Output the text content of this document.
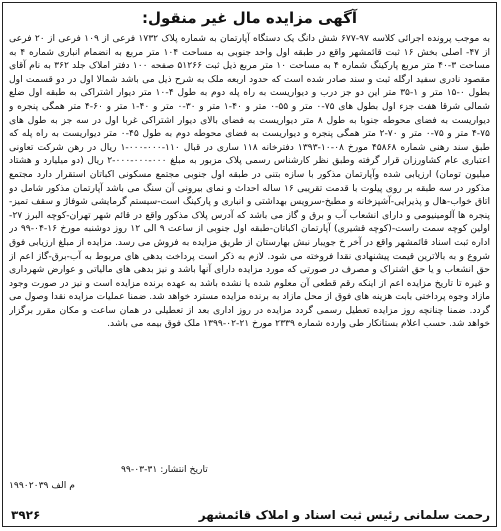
آگهی مزایده مال غیر منقول:
به موجب پرونده اجرائی کلاسه ۹۷-۶۷۷ شش دانگ یک دستگاه آپارتمان به شماره پلاک ۱۷۳۲ فرعی از ۱۰۹ فرعی از ۲۰ فرعی از ۴۷- اصلی بخش ۱۶ ثبت قائمشهر واقع در طبقه اول واحد جنوبی به مساحت ۱۰۴ متر مربع به انضمام انباری شماره ۴ به مساحت ۳-۴۰ متر مربع پارکینگ شماره ۴ به مساحت ۱۰ متر مربع ذیل ثبت ۵۱۲۶۶ صفحه ۱۰۰ دفتر املاک جلد ۳۶۲ به نام آقای مقصود نادری سفید ارگله ثبت و سند صادر شده است که حدود اربعه ملک به شرح ذیل می باشد شمالا اول در دو قسمت اول بطول ۰-۱۵ متر و ۱-۳۵ متر این دو جز درب و دیواریست به راه پله دوم به طول ۴-۱۰ متر دیوار اشتراکی به طبقه اول ضلع شمالی شرقا هفت جزء اول بطول های ۷۵-۰ متر و ۵۵-۰ متر و ۴۰-۱ متر و ۳۰-۰ متر و ۴۰-۱ متر و ۶۰-۴ متر همگی پنجره و دیواریست به فضای محوطه جنوبا به طول ۸ متر دیواریست به فضای بالای دیوار اشتراکی غربا اول در سه جز به طول های ۷۵-۴ متر و ۷۵-۰ متر و ۷۰-۲ متر همگی پنجره و دیواریست به فضای محوطه دوم به طول ۴۵-۰ متر دیواریست به راه پله که طبق سند رهنی شماره ۴۵۸۶۸ مورخ ۰۸-۱۰-۱۳۹۳ دفترخانه ۱۱۸ ساری در قبال ۱۱۰-۰۰۰-۰۰۰-۱ ریال در رهن شرکت تعاونی اعتباری عام کشاورزان قرار گرفته وطبق نظر کارشناس رسمی پلاک مزبور به مبلغ ۰۰۰-۰۰۰-۰۰۰-۲ ریال (دو میلیارد و هشتاد میلیون تومان) ارزیابی شده وآپارتمان مذکور با سازه بتنی در طبقه اول جنوبی مجتمع مسکونی اکباتان استقرار دارد مجتمع مذکور در سه طبقه بر روی پیلوت با قدمت تقریبی ۱۶ ساله احداث و نمای بیرونی آن سنگ می باشد آپارتمان مذکور شامل دو اتاق خواب-هال و پذیرایی-آشپزخانه و مطبخ-سرویس بهداشتی و انباری و پارکینگ است-سیستم گرمایشی شوفاژ و سقف تمیز-پنجره ها آلومینیومی و دارای انشعاب آب و برق و گاز می باشد که آدرس پلاک مذکور واقع در قائم شهر تهران-کوچه البرز ۲۷-اولین کوچه سمت راست-(کوچه قشیری) آپارتمان اکباتان-طبقه اول جنوبی از ساعت ۹ الی ۱۲ روز دوشنبه مورخ ۱۶-۰۴-۹۹ در اداره ثبت اسناد قائمشهر واقع در آخر خ جویبار نبش بهارستان از طریق مزایده به فروش می رسد. مزایده از مبلغ ارزیابی فوق شروع و به بالاترین قیمت پیشنهادی نقدا فروخته می شود. لازم به ذکر است پرداخت بدهی های مربوط به آب-برق-گاز اعم از حق انشعاب و یا حق اشتراک و مصرف در صورتی که مورد مزایده دارای آنها باشد و نیز بدهی های مالیاتی و عوارض شهرداری و غیره تا تاریخ مزایده اعم از اینکه رقم قطعی آن معلوم شده یا نشده باشد به عهده برنده مزایده است و نیز در صورت وجود مازاد وجوه پرداختی بابت هزینه های فوق از محل مازاد به برنده مزایده مسترد خواهد شد. ضمنا عملیات مزایده نقدا وصول می گردد. ضمنا چنانچه روز مزایده تعطیل رسمی گردد مزایده در روز اداری بعد از تعطیلی در همان ساعت و مکان مقرر برگزار خواهد شد. حسب اعلام بستانکار طی وارده شماره ۲۳۳۹ مورخ ۲۱-۰۲-۱۳۹۹ ملک فوق بیمه می باشد.
تاریخ انتشار: ۳۱-۰۳-۹۹
م الف ۱۹۹۰۲۰۳۹
رحمت سلمانی رئیس ثبت اسناد و املاک قائمشهر
۳۹۲۶
